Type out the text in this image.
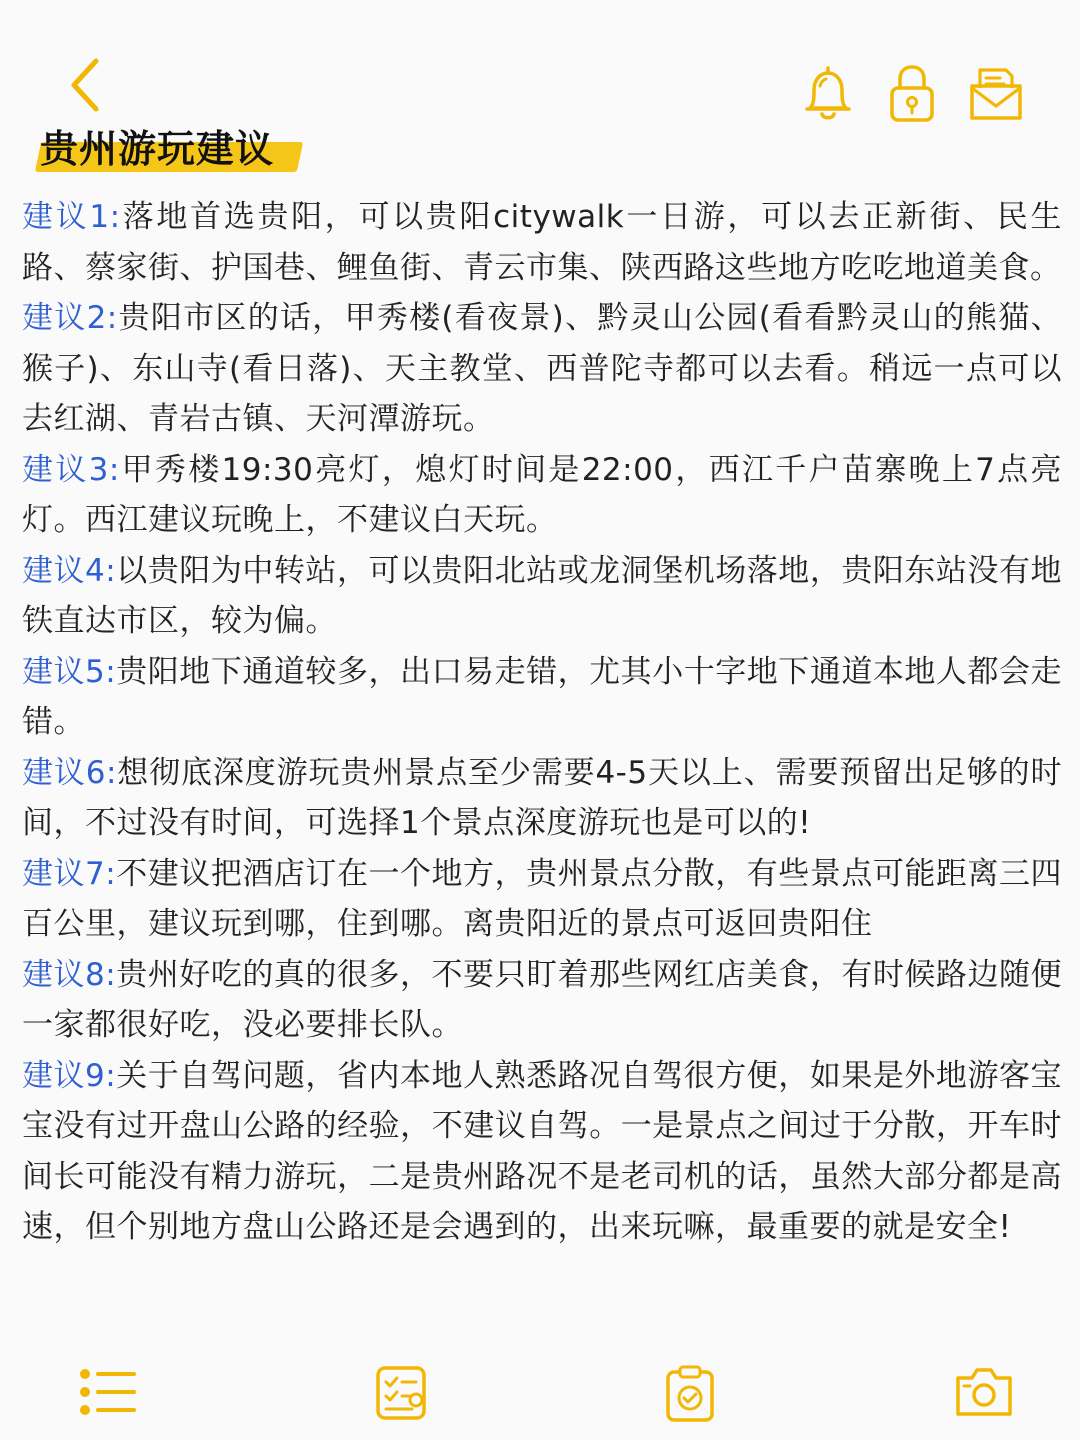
贵州游玩建议

建议1:落地首选贵阳，可以贵阳citywalk一日游，可以去正新街、民生路、蔡家街、护国巷、鲤鱼街、青云市集、陕西路这些地方吃吃地道美食。

建议2:贵阳市区的话，甲秀楼(看夜景)、黔灵山公园(看看黔灵山的熊猫、猴子)、东山寺(看日落)、天主教堂、西普陀寺都可以去看。稍远一点可以去红湖、青岩古镇、天河潭游玩。

建议3:甲秀楼19:30亮灯，熄灯时间是22:00，西江千户苗寨晚上7点亮灯。西江建议玩晚上，不建议白天玩。

建议4:以贵阳为中转站，可以贵阳北站或龙洞堡机场落地，贵阳东站没有地铁直达市区，较为偏。

建议5:贵阳地下通道较多，出口易走错，尤其小十字地下通道本地人都会走错。

建议6:想彻底深度游玩贵州景点至少需要4-5天以上、需要预留出足够的时间，不过没有时间，可选择1个景点深度游玩也是可以的!

建议7:不建议把酒店订在一个地方，贵州景点分散，有些景点可能距离三四百公里，建议玩到哪，住到哪。离贵阳近的景点可返回贵阳住

建议8:贵州好吃的真的很多，不要只盯着那些网红店美食，有时候路边随便一家都很好吃，没必要排长队。

建议9:关于自驾问题，省内本地人熟悉路况自驾很方便，如果是外地游客宝宝没有过开盘山公路的经验，不建议自驾。一是景点之间过于分散，开车时间长可能没有精力游玩，二是贵州路况不是老司机的话，虽然大部分都是高速，但个别地方盘山公路还是会遇到的，出来玩嘛，最重要的就是安全!
